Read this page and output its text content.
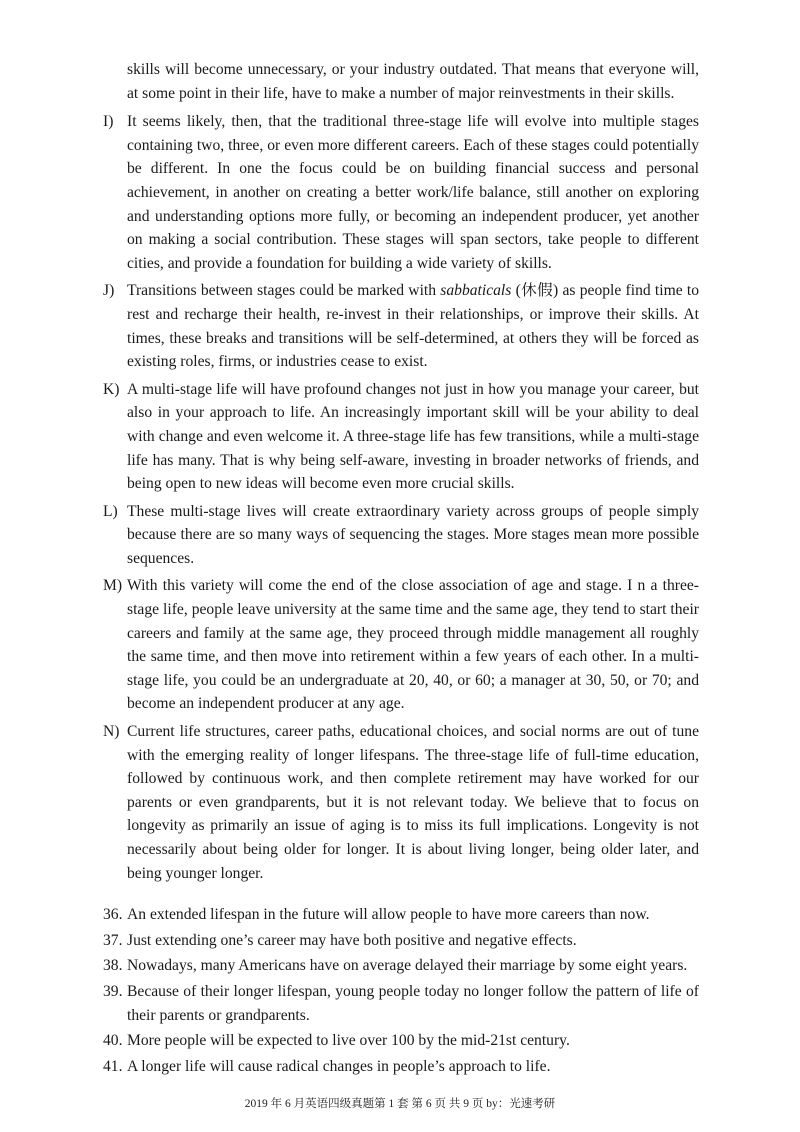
skills will become unnecessary, or your industry outdated. That means that everyone will, at some point in their life, have to make a number of major reinvestments in their skills.
I) It seems likely, then, that the traditional three-stage life will evolve into multiple stages containing two, three, or even more different careers. Each of these stages could potentially be different. In one the focus could be on building financial success and personal achievement, in another on creating a better work/life balance, still another on exploring and understanding options more fully, or becoming an independent producer, yet another on making a social contribution. These stages will span sectors, take people to different cities, and provide a foundation for building a wide variety of skills.
J) Transitions between stages could be marked with sabbaticals (休假) as people find time to rest and recharge their health, re-invest in their relationships, or improve their skills. At times, these breaks and transitions will be self-determined, at others they will be forced as existing roles, firms, or industries cease to exist.
K) A multi-stage life will have profound changes not just in how you manage your career, but also in your approach to life. An increasingly important skill will be your ability to deal with change and even welcome it. A three-stage life has few transitions, while a multi-stage life has many. That is why being self-aware, investing in broader networks of friends, and being open to new ideas will become even more crucial skills.
L) These multi-stage lives will create extraordinary variety across groups of people simply because there are so many ways of sequencing the stages. More stages mean more possible sequences.
M) With this variety will come the end of the close association of age and stage. I n a three-stage life, people leave university at the same time and the same age, they tend to start their careers and family at the same age, they proceed through middle management all roughly the same time, and then move into retirement within a few years of each other. In a multi-stage life, you could be an undergraduate at 20, 40, or 60; a manager at 30, 50, or 70; and become an independent producer at any age.
N) Current life structures, career paths, educational choices, and social norms are out of tune with the emerging reality of longer lifespans. The three-stage life of full-time education, followed by continuous work, and then complete retirement may have worked for our parents or even grandparents, but it is not relevant today. We believe that to focus on longevity as primarily an issue of aging is to miss its full implications. Longevity is not necessarily about being older for longer. It is about living longer, being older later, and being younger longer.
36. An extended lifespan in the future will allow people to have more careers than now.
37. Just extending one’s career may have both positive and negative effects.
38. Nowadays, many Americans have on average delayed their marriage by some eight years.
39. Because of their longer lifespan, young people today no longer follow the pattern of life of their parents or grandparents.
40. More people will be expected to live over 100 by the mid-21st century.
41. A longer life will cause radical changes in people’s approach to life.
2019 年 6 月英语四级真题第 1 套 第 6 页 共 9 页 by：光速考研
